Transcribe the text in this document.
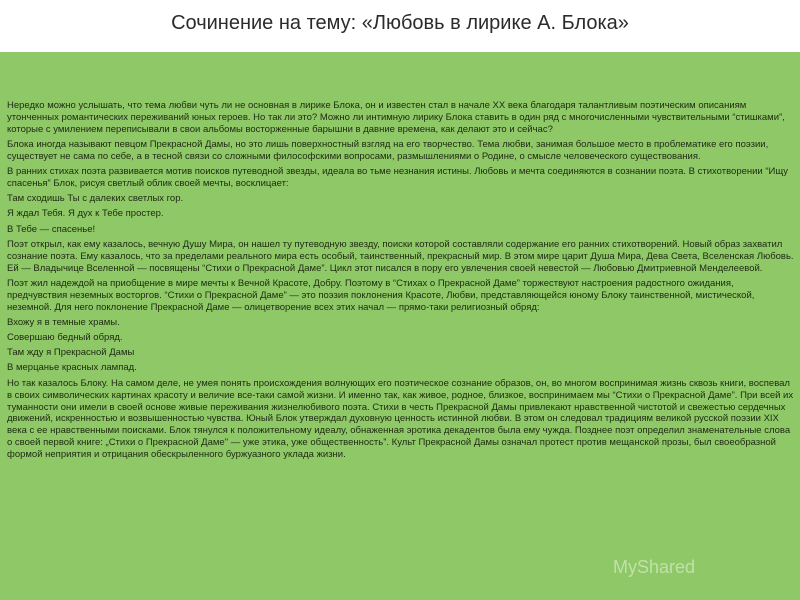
Сочинение на тему: «Любовь в лирике А. Блока»

Нередко можно услышать, что тема любви чуть ли не основная в лирике Блока, он и известен стал в начале XX века благодаря талантливым поэтическим описаниям утонченных романтических переживаний юных героев. Но так ли это? Можно ли интимную лирику Блока ставить в один ряд с многочисленными чувствительными “стишками”, которые с умилением переписывали в свои альбомы восторженные барышни в давние времена, как делают это и сейчас?

Блока иногда называют певцом Прекрасной Дамы, но это лишь поверхностный взгляд на его творчество. Тема любви, занимая большое место в проблематике его поэзии, существует не сама по себе, а в тесной связи со сложными философскими вопросами, размышлениями о Родине, о смысле человеческого существования.

В ранних стихах поэта развивается мотив поисков путеводной звезды, идеала во тьме незнания истины. Любовь и мечта соединяются в сознании поэта. В стихотворении “Ищу спасенья” Блок, рисуя светлый облик своей мечты, восклицает:

Там сходишь Ты с далеких светлых гор.

Я ждал Тебя. Я дух к Тебе простер.

В Тебе — спасенье!

Поэт открыл, как ему казалось, вечную Душу Мира, он нашел ту путеводную звезду, поиски которой составляли содержание его ранних стихотворений. Новый образ захватил сознание поэта. Ему казалось, что за пределами реального мира есть особый, таинственный, прекрасный мир. В этом мире царит Душа Мира, Дева Света, Вселенская Любовь. Ей — Владычице Вселенной — посвящены “Стихи о Прекрасной Даме”. Цикл этот писался в пору его увлечения своей невестой — Любовью Дмитриевной Менделеевой.

Поэт жил надеждой на приобщение в мире мечты к Вечной Красоте, Добру. Поэтому в “Стихах о Прекрасной Даме” торжествуют настроения радостного ожидания, предчувствия неземных восторгов. “Стихи о Прекрасной Даме” — это поэзия поклонения Красоте, Любви, представляющейся юному Блоку таинственной, мистической, неземной. Для него поклонение Прекрасной Даме — олицетворение всех этих начал — прямо-таки религиозный обряд:

Вхожу я в темные храмы.

Совершаю бедный обряд.

Там жду я Прекрасной Дамы

В мерцаньe красных лампад.

Но так казалось Блоку. На самом деле, не умея понять происхождения волнующих его поэтическое сознание образов, он, во многом воспринимая жизнь сквозь книги, воспевал в своих символических картинах красоту и величие все-таки самой жизни. И именно так, как живое, родное, близкое, воспринимаем мы “Стихи о Прекрасной Даме”. При всей их туманности они имели в своей основе живые переживания жизнелюбивого поэта. Стихи в честь Прекрасной Дамы привлекают нравственной чистотой и свежестью сердечных движений, искренностью и возвышенностью чувства. Юный Блок утверждал духовную ценность истинной любви. В этом он следовал традициям великой русской поэзии XIX века с ее нравственными поисками. Блок тянулся к положительному идеалу, обнаженная эротика декадентов была ему чужда. Позднее поэт определил знаменательные слова о своей первой книге: „Стихи о Прекрасной Даме" — уже этика, уже общественность”. Культ Прекрасной Дамы означал протест против мещанской прозы, был своеобразной формой неприятия и отрицания обескрыленного буржуазного уклада жизни.

MyShared
